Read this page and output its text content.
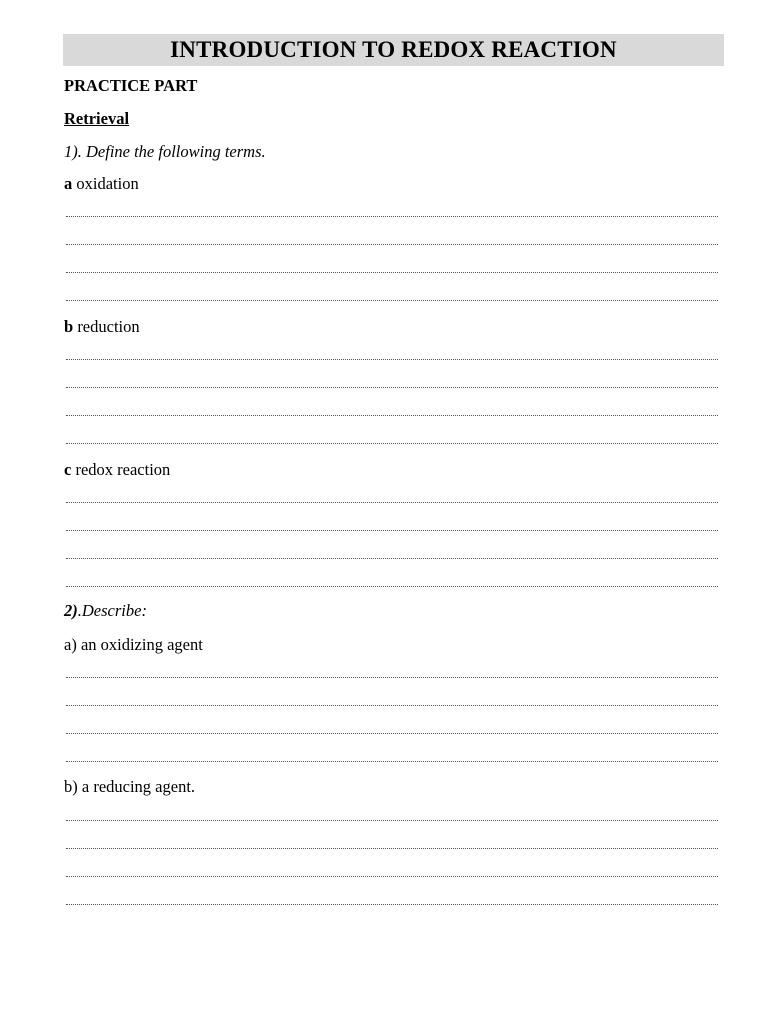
INTRODUCTION TO REDOX REACTION
PRACTICE PART
Retrieval
1). Define the following terms.
a oxidation
b reduction
c redox reaction
2).Describe:
a) an oxidizing agent
b) a reducing agent.
